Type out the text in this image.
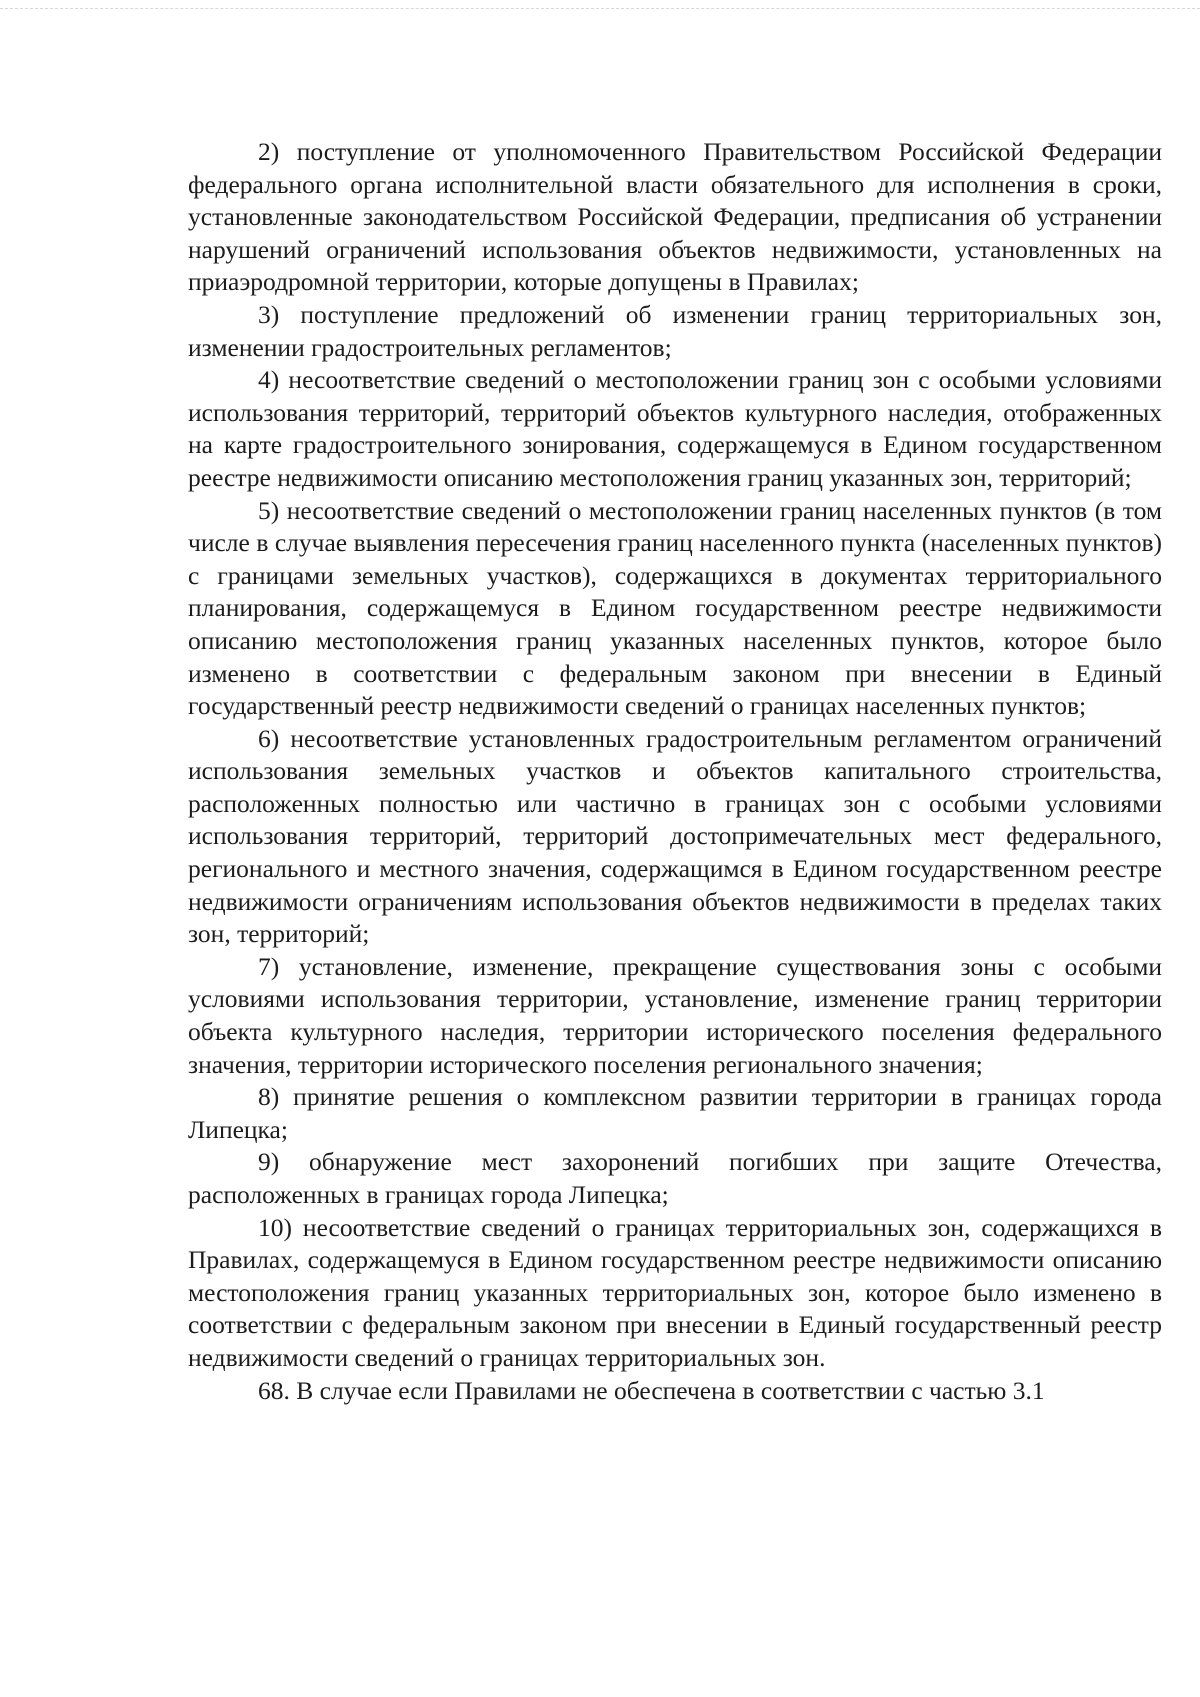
2) поступление от уполномоченного Правительством Российской Федерации федерального органа исполнительной власти обязательного для исполнения в сроки, установленные законодательством Российской Федерации, предписания об устранении нарушений ограничений использования объектов недвижимости, установленных на приаэродромной территории, которые допущены в Правилах;

3) поступление предложений об изменении границ территориальных зон, изменении градостроительных регламентов;

4) несоответствие сведений о местоположении границ зон с особыми условиями использования территорий, территорий объектов культурного наследия, отображенных на карте градостроительного зонирования, содержащемуся в Едином государственном реестре недвижимости описанию местоположения границ указанных зон, территорий;

5) несоответствие сведений о местоположении границ населенных пунктов (в том числе в случае выявления пересечения границ населенного пункта (населенных пунктов) с границами земельных участков), содержащихся в документах территориального планирования, содержащемуся в Едином государственном реестре недвижимости описанию местоположения границ указанных населенных пунктов, которое было изменено в соответствии с федеральным законом при внесении в Единый государственный реестр недвижимости сведений о границах населенных пунктов;

6) несоответствие установленных градостроительным регламентом ограничений использования земельных участков и объектов капитального строительства, расположенных полностью или частично в границах зон с особыми условиями использования территорий, территорий достопримечательных мест федерального, регионального и местного значения, содержащимся в Едином государственном реестре недвижимости ограничениям использования объектов недвижимости в пределах таких зон, территорий;

7) установление, изменение, прекращение существования зоны с особыми условиями использования территории, установление, изменение границ территории объекта культурного наследия, территории исторического поселения федерального значения, территории исторического поселения регионального значения;

8) принятие решения о комплексном развитии территории в границах города Липецка;

9) обнаружение мест захоронений погибших при защите Отечества, расположенных в границах города Липецка;

10) несоответствие сведений о границах территориальных зон, содержащихся в Правилах, содержащемуся в Едином государственном реестре недвижимости описанию местоположения границ указанных территориальных зон, которое было изменено в соответствии с федеральным законом при внесении в Единый государственный реестр недвижимости сведений о границах территориальных зон.

68. В случае если Правилами не обеспечена в соответствии с частью 3.1
